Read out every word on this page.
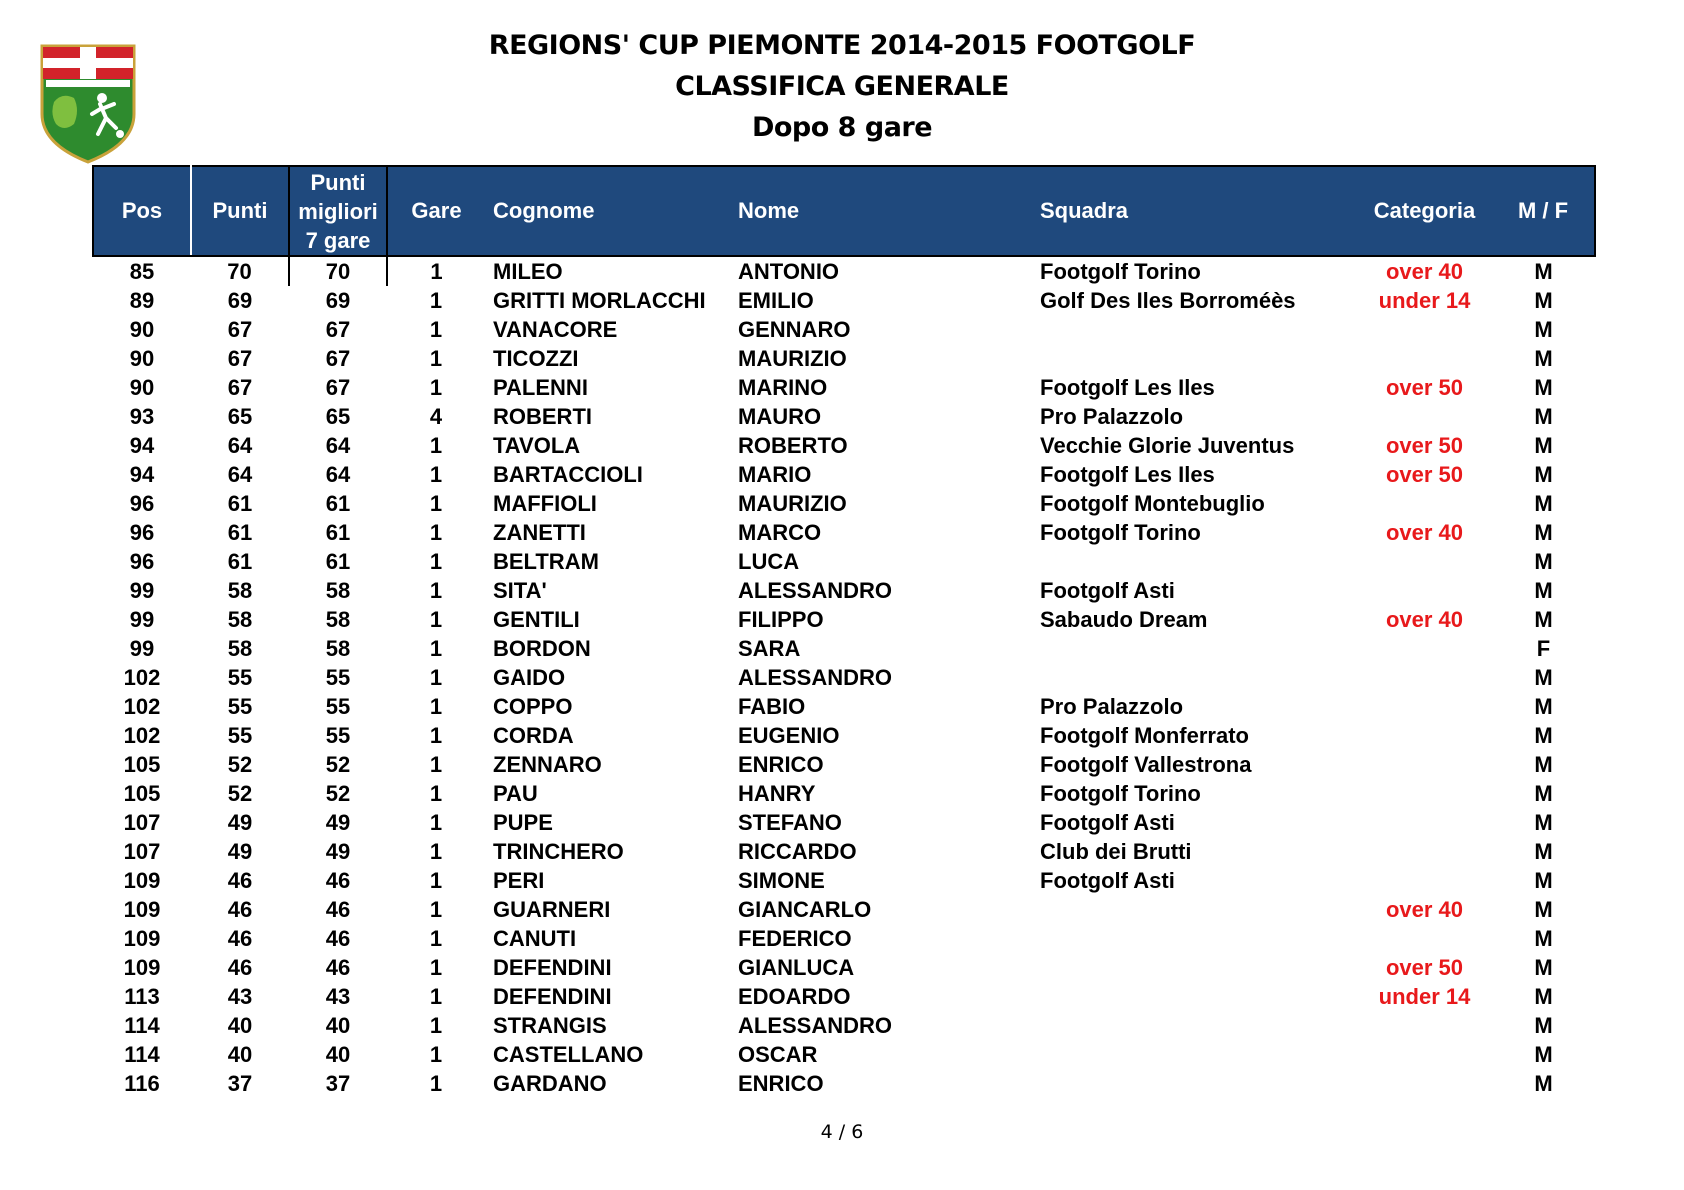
REGIONS' CUP PIEMONTE 2014-2015 FOOTGOLF
CLASSIFICA GENERALE
Dopo 8 gare
Pos	Punti	Punti
migliori
7 gare	Gare	Cognome	Nome	Squadra	Categoria	M / F
85	70	70	1	MILEO	ANTONIO	Footgolf Torino	over 40	M
89	69	69	1	GRITTI MORLACCHI	EMILIO	Golf Des Iles Borroméès	under 14	M
90	67	67	1	VANACORE	GENNARO			M
90	67	67	1	TICOZZI	MAURIZIO			M
90	67	67	1	PALENNI	MARINO	Footgolf Les Iles	over 50	M
93	65	65	4	ROBERTI	MAURO	Pro Palazzolo		M
94	64	64	1	TAVOLA	ROBERTO	Vecchie Glorie Juventus	over 50	M
94	64	64	1	BARTACCIOLI	MARIO	Footgolf Les Iles	over 50	M
96	61	61	1	MAFFIOLI	MAURIZIO	Footgolf Montebuglio		M
96	61	61	1	ZANETTI	MARCO	Footgolf Torino	over 40	M
96	61	61	1	BELTRAM	LUCA			M
99	58	58	1	SITA'	ALESSANDRO	Footgolf Asti		M
99	58	58	1	GENTILI	FILIPPO	Sabaudo Dream	over 40	M
99	58	58	1	BORDON	SARA			F
102	55	55	1	GAIDO	ALESSANDRO			M
102	55	55	1	COPPO	FABIO	Pro Palazzolo		M
102	55	55	1	CORDA	EUGENIO	Footgolf Monferrato		M
105	52	52	1	ZENNARO	ENRICO	Footgolf Vallestrona		M
105	52	52	1	PAU	HANRY	Footgolf Torino		M
107	49	49	1	PUPE	STEFANO	Footgolf Asti		M
107	49	49	1	TRINCHERO	RICCARDO	Club dei Brutti		M
109	46	46	1	PERI	SIMONE	Footgolf Asti		M
109	46	46	1	GUARNERI	GIANCARLO		over 40	M
109	46	46	1	CANUTI	FEDERICO			M
109	46	46	1	DEFENDINI	GIANLUCA		over 50	M
113	43	43	1	DEFENDINI	EDOARDO		under 14	M
114	40	40	1	STRANGIS	ALESSANDRO			M
114	40	40	1	CASTELLANO	OSCAR			M
116	37	37	1	GARDANO	ENRICO			M
4 / 6
